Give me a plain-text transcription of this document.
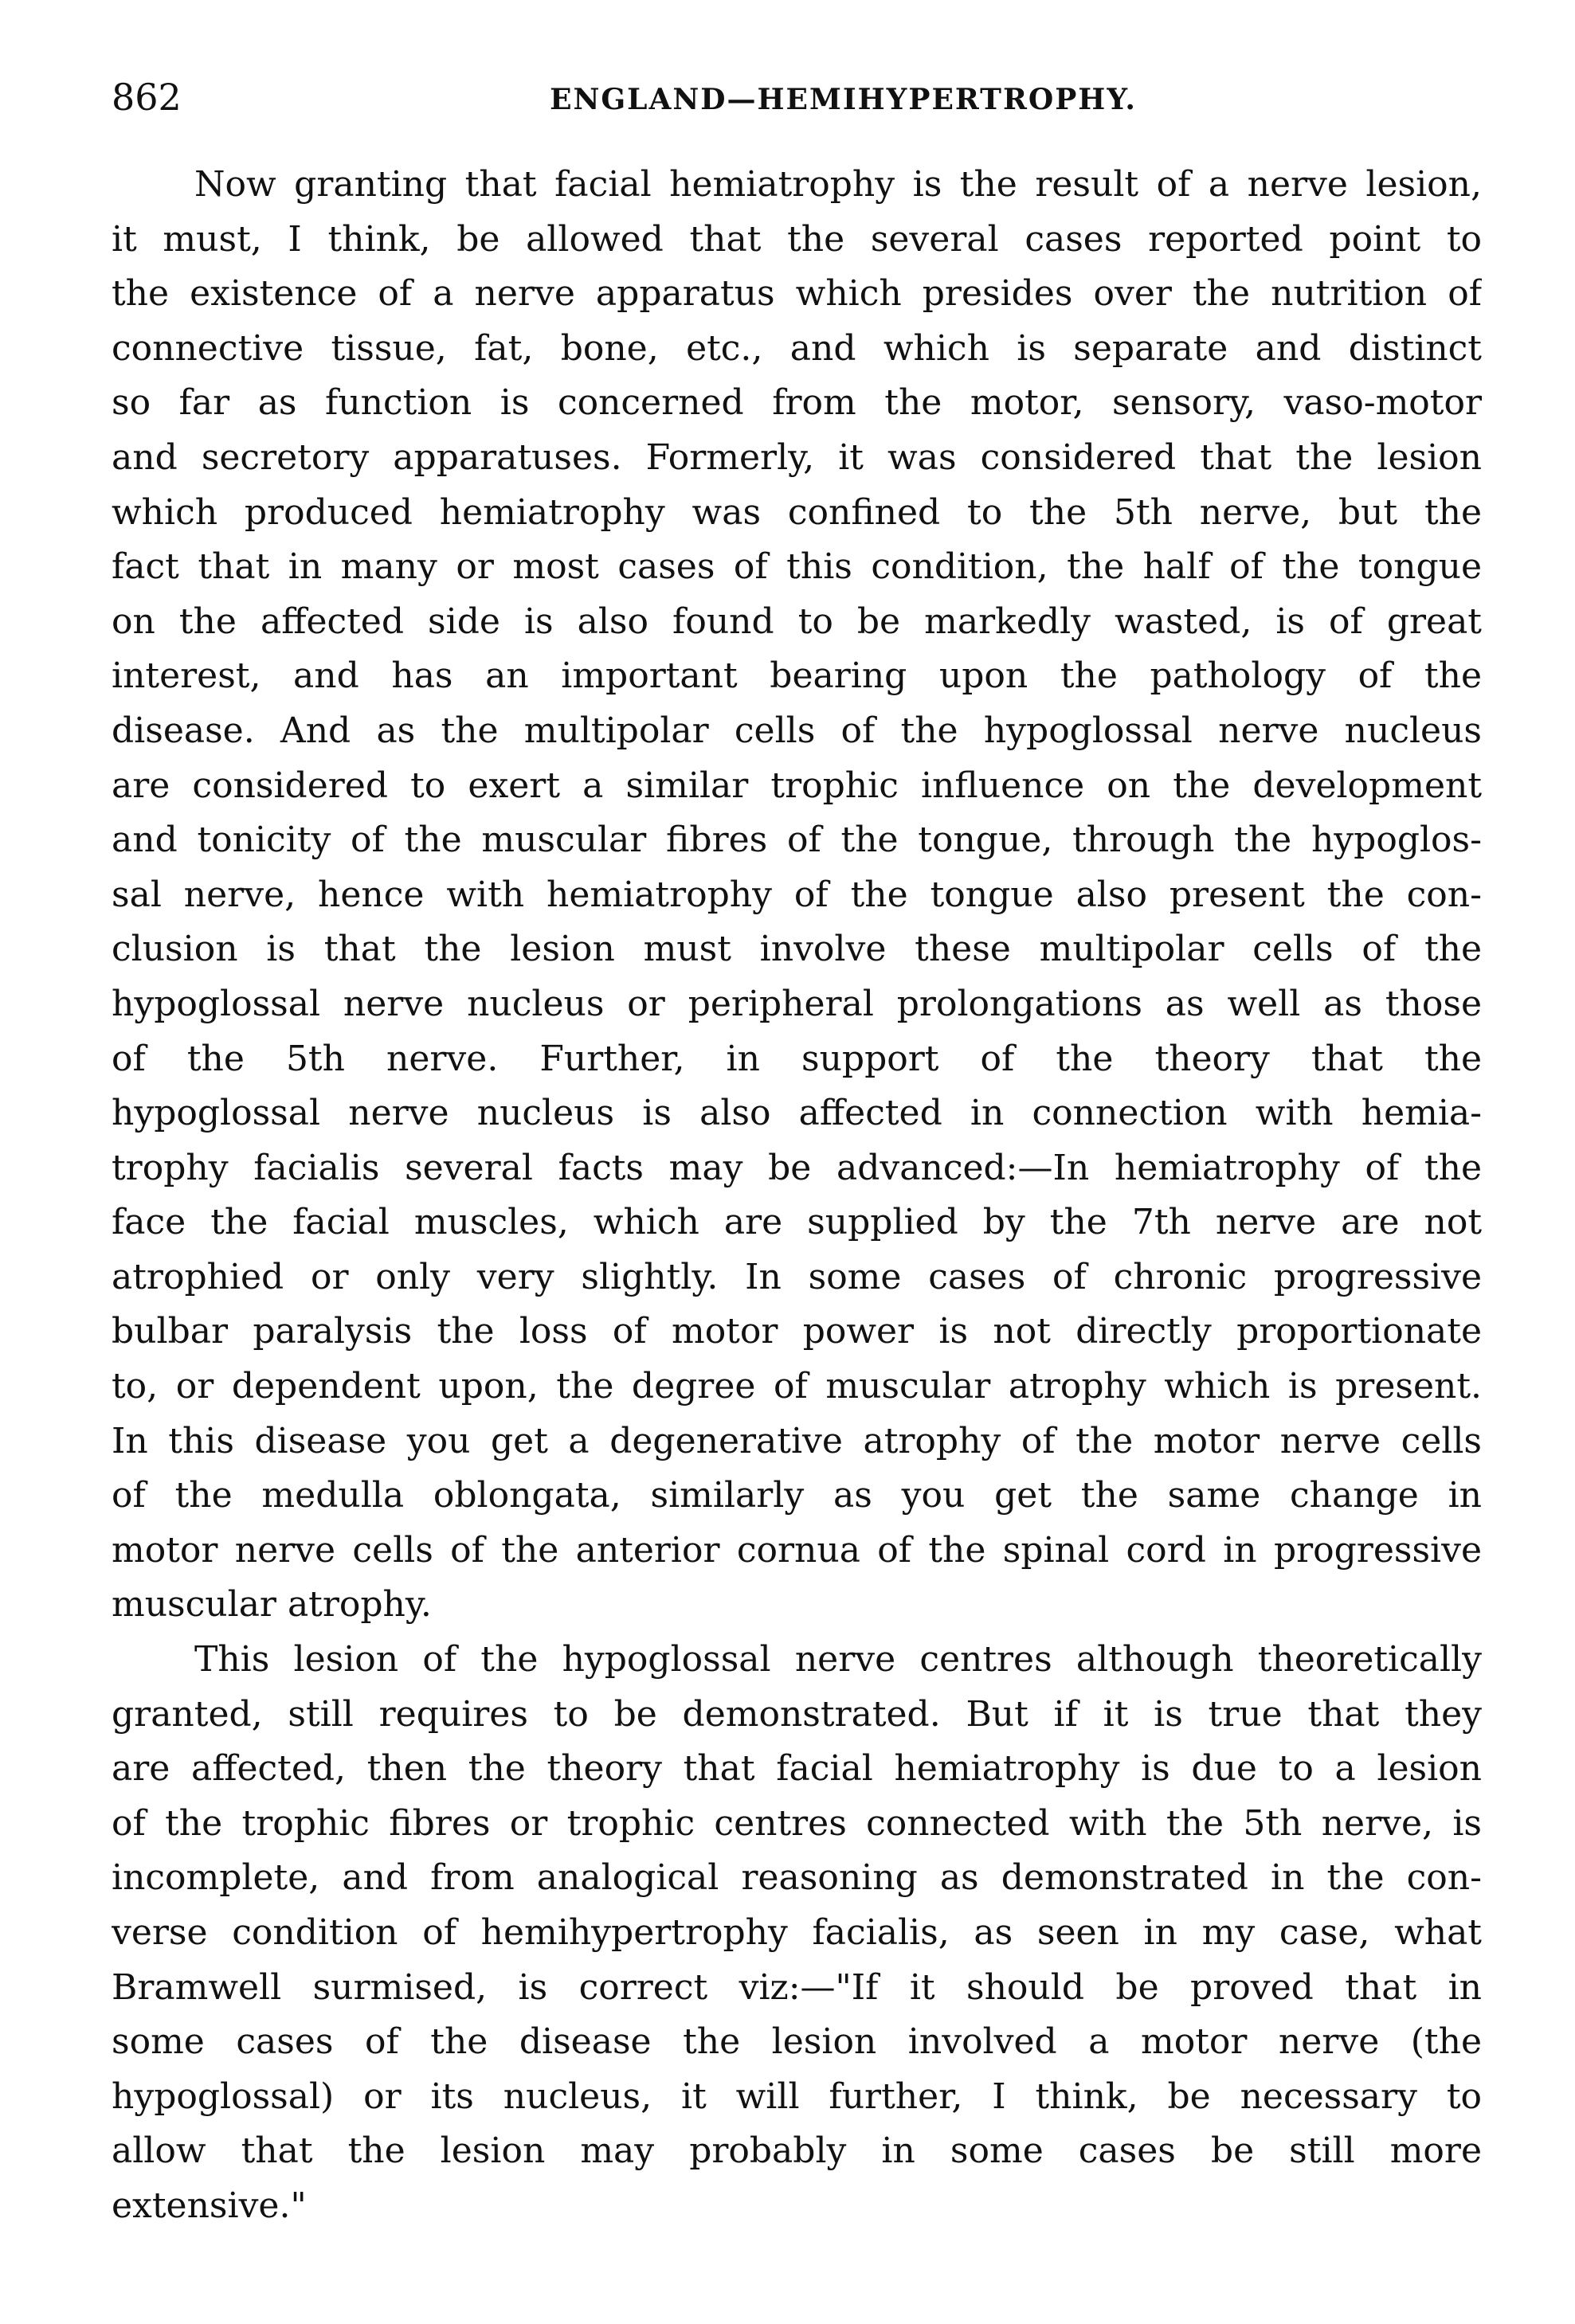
862	ENGLAND—HEMIHYPERTROPHY.

Now granting that facial hemiatrophy is the result of a nerve lesion,
it must, I think, be allowed that the several cases reported point to
the existence of a nerve apparatus which presides over the nutrition of
connective tissue, fat, bone, etc., and which is separate and distinct
so far as function is concerned from the motor, sensory, vaso-motor
and secretory apparatuses. Formerly, it was considered that the lesion
which produced hemiatrophy was confined to the 5th nerve, but the
fact that in many or most cases of this condition, the half of the tongue
on the affected side is also found to be markedly wasted, is of great
interest, and has an important bearing upon the pathology of the
disease. And as the multipolar cells of the hypoglossal nerve nucleus
are considered to exert a similar trophic influence on the development
and tonicity of the muscular fibres of the tongue, through the hypoglos-
sal nerve, hence with hemiatrophy of the tongue also present the con-
clusion is that the lesion must involve these multipolar cells of the
hypoglossal nerve nucleus or peripheral prolongations as well as those
of the 5th nerve. Further, in support of the theory that the
hypoglossal nerve nucleus is also affected in connection with hemia-
trophy facialis several facts may be advanced:—In hemiatrophy of the
face the facial muscles, which are supplied by the 7th nerve are not
atrophied or only very slightly. In some cases of chronic progressive
bulbar paralysis the loss of motor power is not directly proportionate
to, or dependent upon, the degree of muscular atrophy which is present.
In this disease you get a degenerative atrophy of the motor nerve cells
of the medulla oblongata, similarly as you get the same change in
motor nerve cells of the anterior cornua of the spinal cord in progressive
muscular atrophy.

This lesion of the hypoglossal nerve centres although theoretically
granted, still requires to be demonstrated. But if it is true that they
are affected, then the theory that facial hemiatrophy is due to a lesion
of the trophic fibres or trophic centres connected with the 5th nerve, is
incomplete, and from analogical reasoning as demonstrated in the con-
verse condition of hemihypertrophy facialis, as seen in my case, what
Bramwell surmised, is correct viz:—"If it should be proved that in
some cases of the disease the lesion involved a motor nerve (the
hypoglossal) or its nucleus, it will further, I think, be necessary to
allow that the lesion may probably in some cases be still more
extensive."
